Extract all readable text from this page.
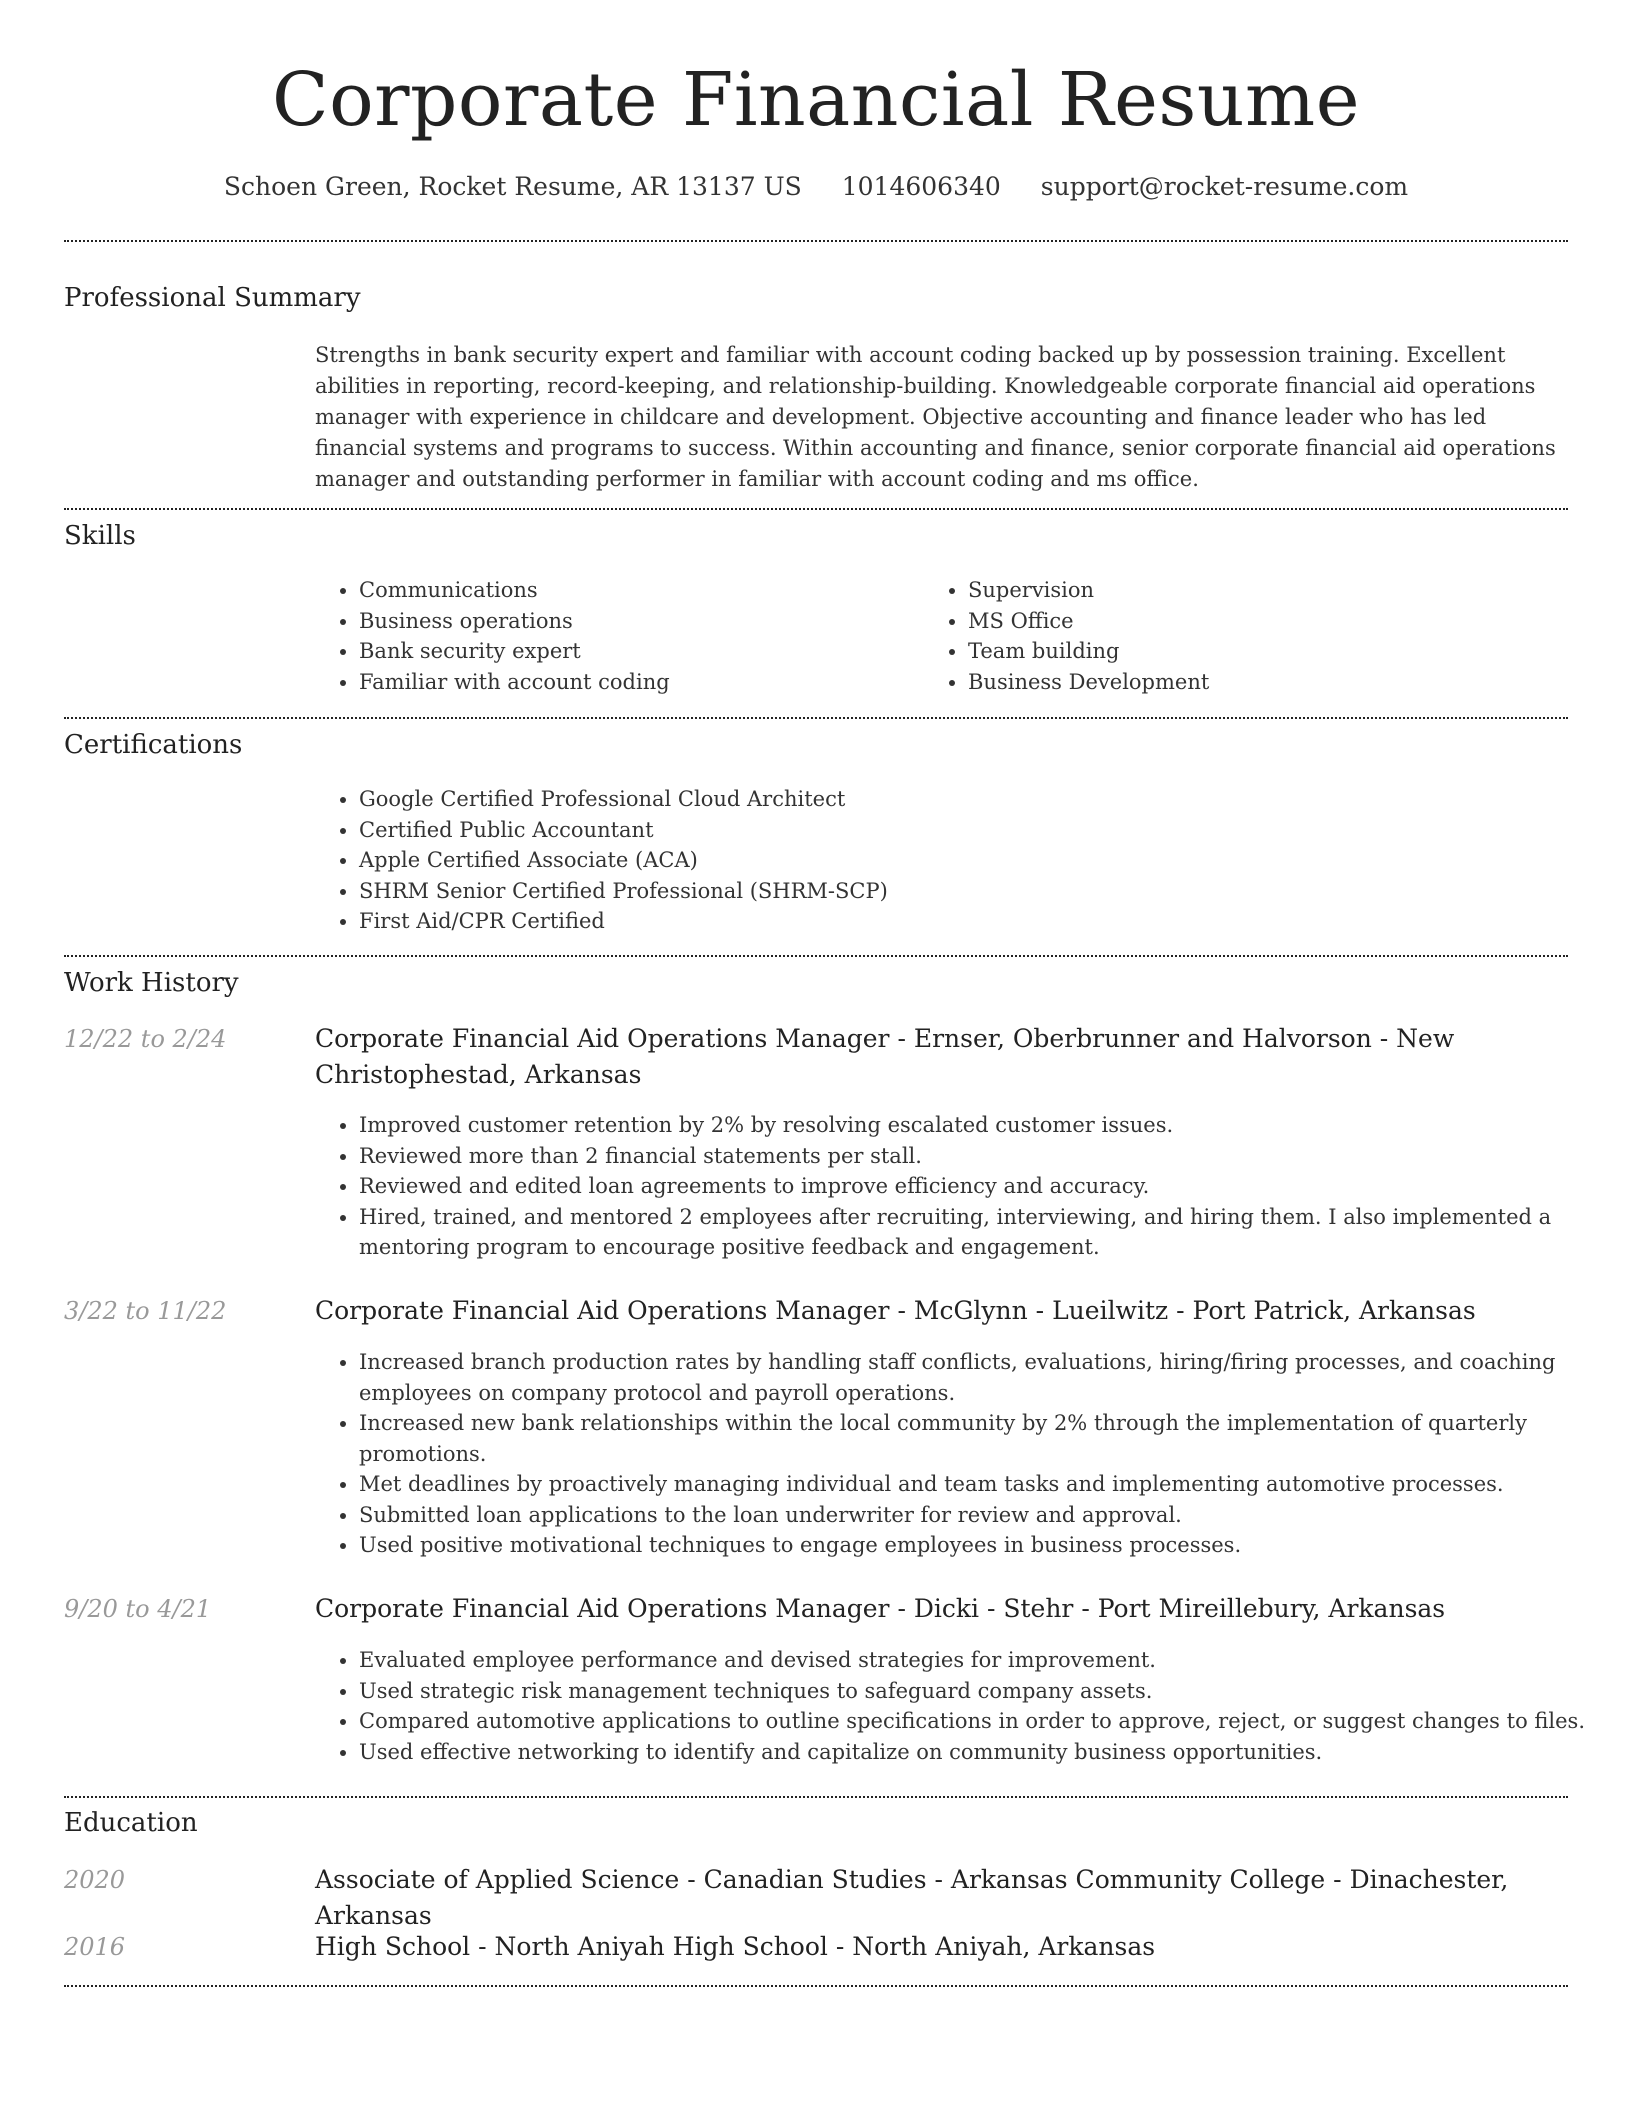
Corporate Financial Resume
Schoen Green, Rocket Resume, AR 13137 US 1014606340 support@rocket-resume.com
Professional Summary

Strengths in bank security expert and familiar with account coding backed up by possession training. Excellent abilities in reporting, record-keeping, and relationship-building. Knowledgeable corporate financial aid operations manager with experience in childcare and development. Objective accounting and finance leader who has led financial systems and programs to success. Within accounting and finance, senior corporate financial aid operations manager and outstanding performer in familiar with account coding and ms office.

Skills
• Communications
• Business operations
• Bank security expert
• Familiar with account coding
• Supervision
• MS Office
• Team building
• Business Development
Certifications
• Google Certified Professional Cloud Architect
• Certified Public Accountant
• Apple Certified Associate (ACA)
• SHRM Senior Certified Professional (SHRM-SCP)
• First Aid/CPR Certified
Work History
12/22 to 2/24	Corporate Financial Aid Operations Manager - Ernser, Oberbrunner and Halvorson - New Christophestad, Arkansas
• Improved customer retention by 2% by resolving escalated customer issues.
• Reviewed more than 2 financial statements per stall.
• Reviewed and edited loan agreements to improve efficiency and accuracy.
• Hired, trained, and mentored 2 employees after recruiting, interviewing, and hiring them. I also implemented a mentoring program to encourage positive feedback and engagement.
3/22 to 11/22	Corporate Financial Aid Operations Manager - McGlynn - Lueilwitz - Port Patrick, Arkansas
• Increased branch production rates by handling staff conflicts, evaluations, hiring/firing processes, and coaching employees on company protocol and payroll operations.
• Increased new bank relationships within the local community by 2% through the implementation of quarterly promotions.
• Met deadlines by proactively managing individual and team tasks and implementing automotive processes.
• Submitted loan applications to the loan underwriter for review and approval.
• Used positive motivational techniques to engage employees in business processes.
9/20 to 4/21	Corporate Financial Aid Operations Manager - Dicki - Stehr - Port Mireillebury, Arkansas
• Evaluated employee performance and devised strategies for improvement.
• Used strategic risk management techniques to safeguard company assets.
• Compared automotive applications to outline specifications in order to approve, reject, or suggest changes to files.
• Used effective networking to identify and capitalize on community business opportunities.
Education
2020	Associate of Applied Science - Canadian Studies - Arkansas Community College - Dinachester, Arkansas
2016	High School - North Aniyah High School - North Aniyah, Arkansas
